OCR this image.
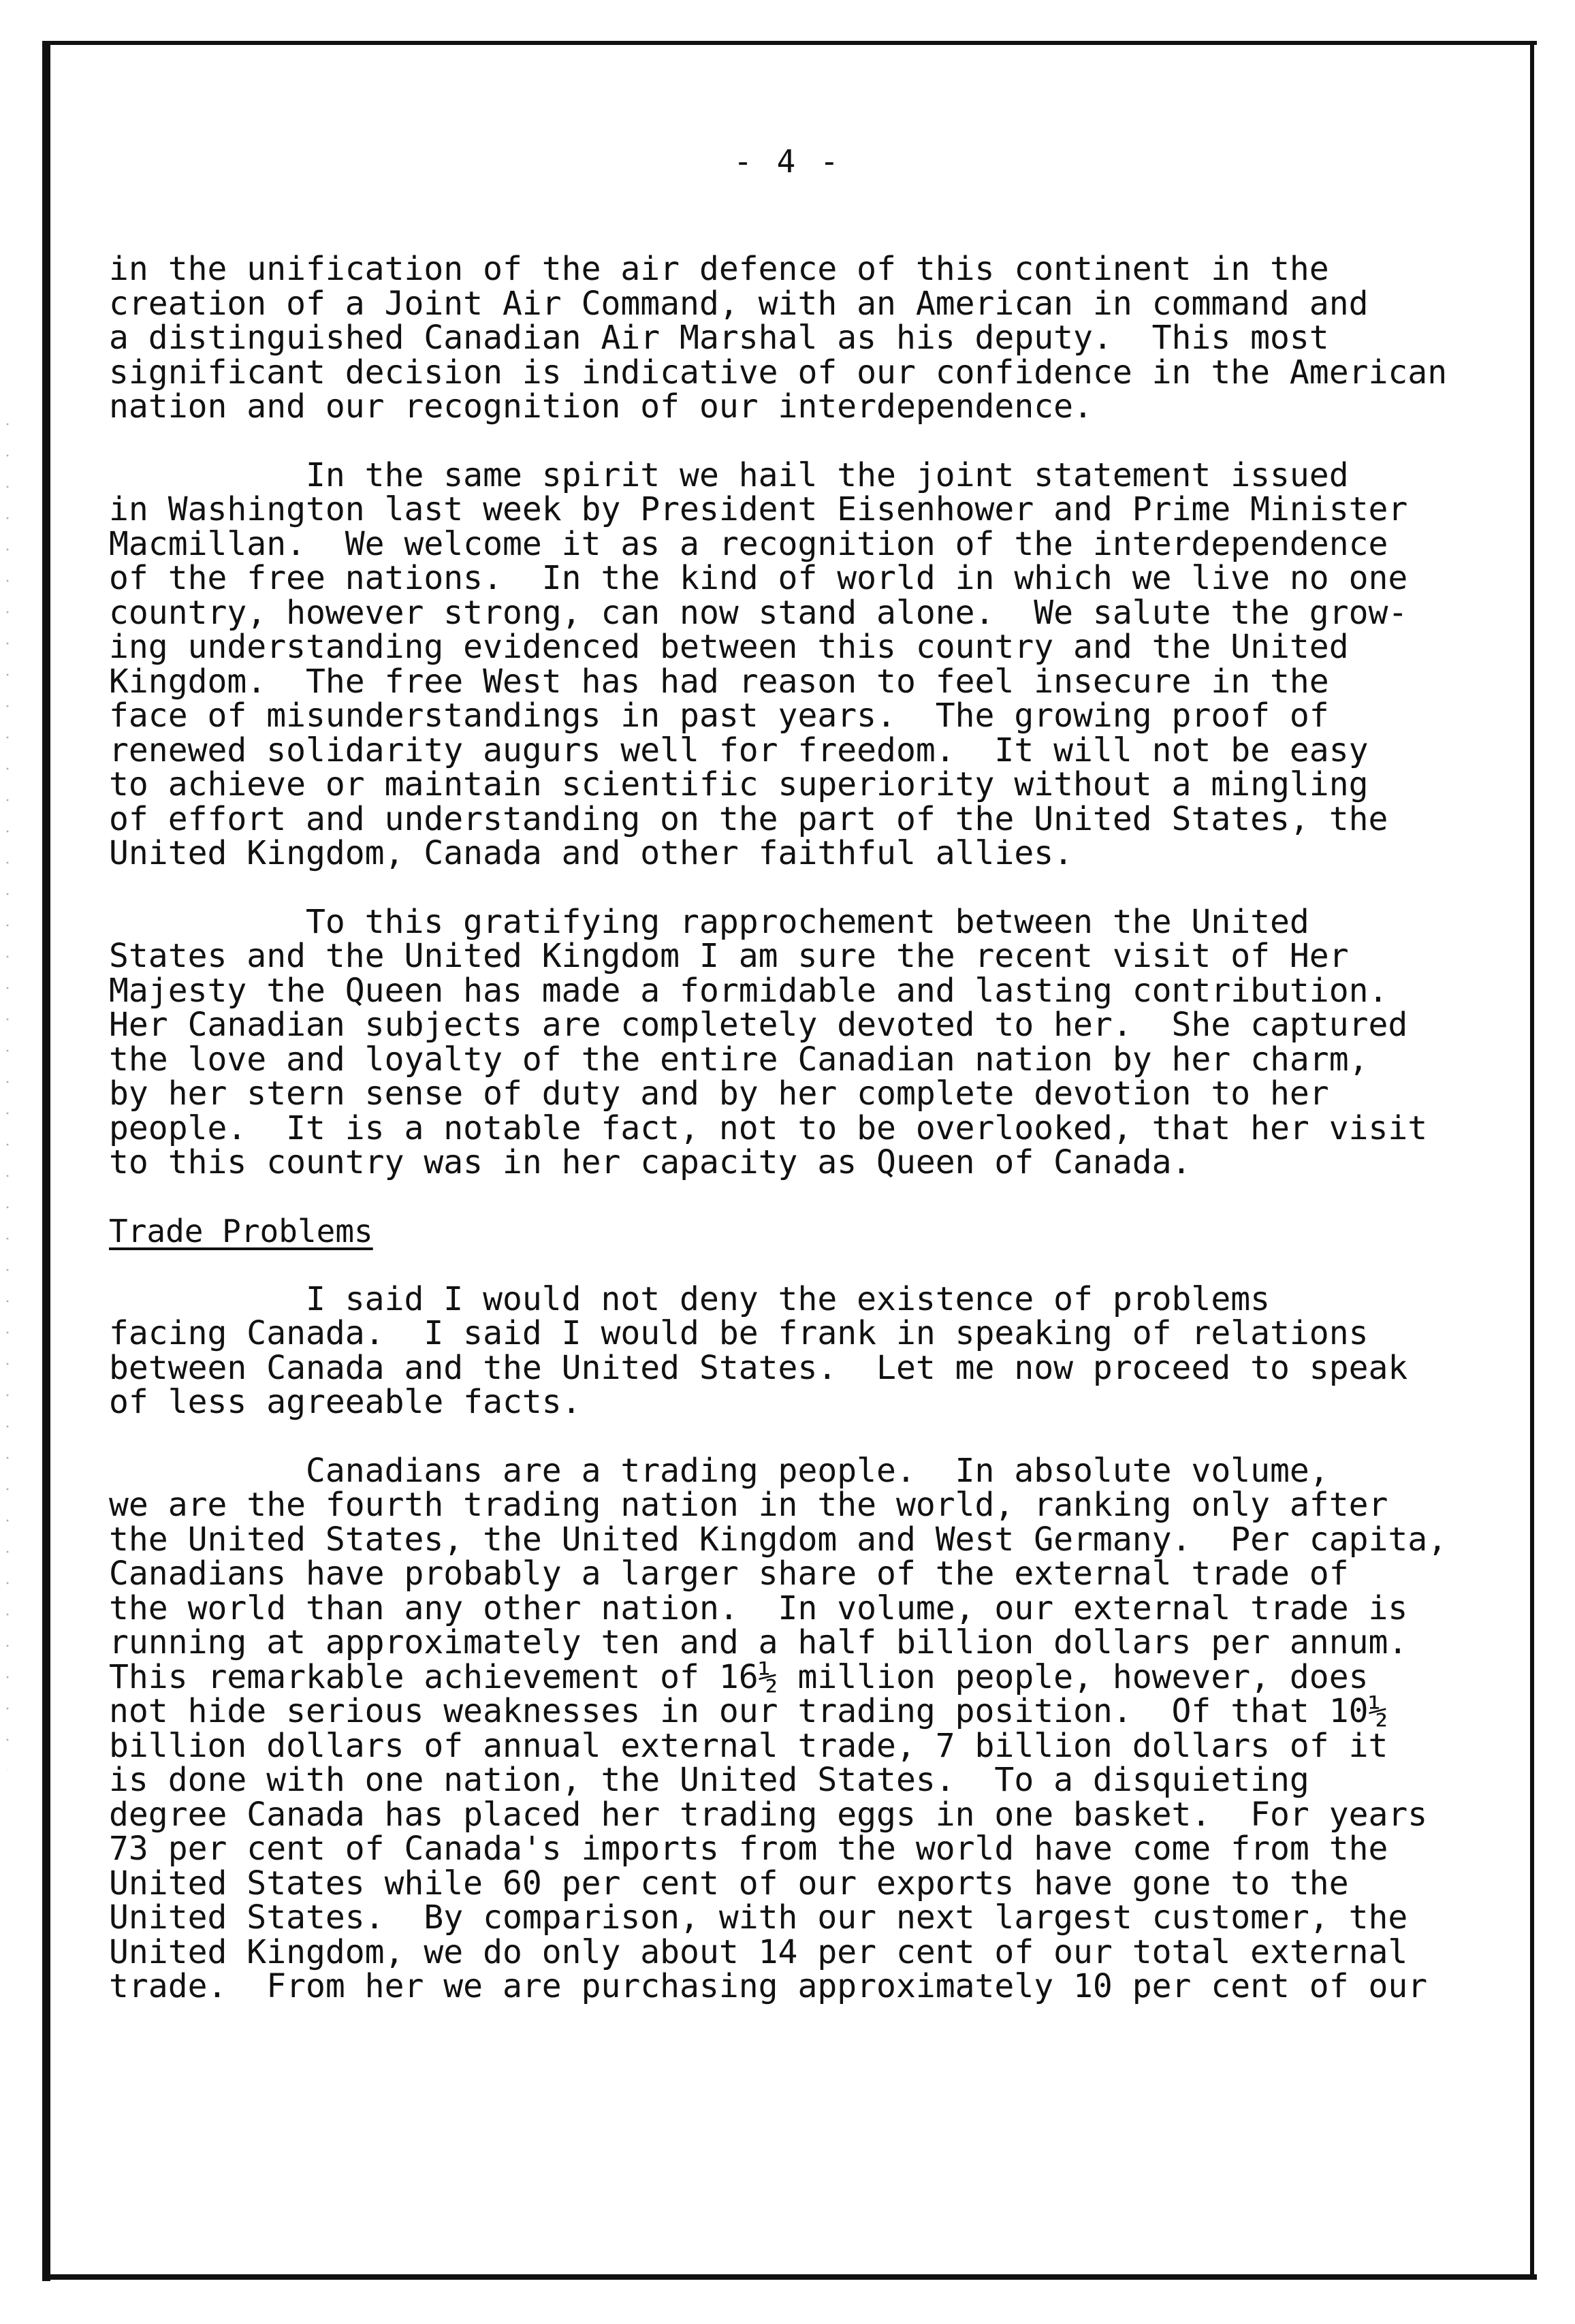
- 4 -

in the unification of the air defence of this continent in the
creation of a Joint Air Command, with an American in command and
a distinguished Canadian Air Marshal as his deputy.  This most
significant decision is indicative of our confidence in the American
nation and our recognition of our interdependence.

In the same spirit we hail the joint statement issued
in Washington last week by President Eisenhower and Prime Minister
Macmillan.  We welcome it as a recognition of the interdependence
of the free nations.  In the kind of world in which we live no one
country, however strong, can now stand alone.  We salute the grow-
ing understanding evidenced between this country and the United
Kingdom.  The free West has had reason to feel insecure in the
face of misunderstandings in past years.  The growing proof of
renewed solidarity augurs well for freedom.  It will not be easy
to achieve or maintain scientific superiority without a mingling
of effort and understanding on the part of the United States, the
United Kingdom, Canada and other faithful allies.

To this gratifying rapprochement between the United
States and the United Kingdom I am sure the recent visit of Her
Majesty the Queen has made a formidable and lasting contribution.
Her Canadian subjects are completely devoted to her.  She captured
the love and loyalty of the entire Canadian nation by her charm,
by her stern sense of duty and by her complete devotion to her
people.  It is a notable fact, not to be overlooked, that her visit
to this country was in her capacity as Queen of Canada.

Trade Problems

I said I would not deny the existence of problems
facing Canada.  I said I would be frank in speaking of relations
between Canada and the United States.  Let me now proceed to speak
of less agreeable facts.

Canadians are a trading people.  In absolute volume,
we are the fourth trading nation in the world, ranking only after
the United States, the United Kingdom and West Germany.  Per capita,
Canadians have probably a larger share of the external trade of
the world than any other nation.  In volume, our external trade is
running at approximately ten and a half billion dollars per annum.
This remarkable achievement of 16½ million people, however, does
not hide serious weaknesses in our trading position.  Of that 10½
billion dollars of annual external trade, 7 billion dollars of it
is done with one nation, the United States.  To a disquieting
degree Canada has placed her trading eggs in one basket.  For years
73 per cent of Canada's imports from the world have come from the
United States while 60 per cent of our exports have gone to the
United States.  By comparison, with our next largest customer, the
United Kingdom, we do only about 14 per cent of our total external
trade.  From her we are purchasing approximately 10 per cent of our
